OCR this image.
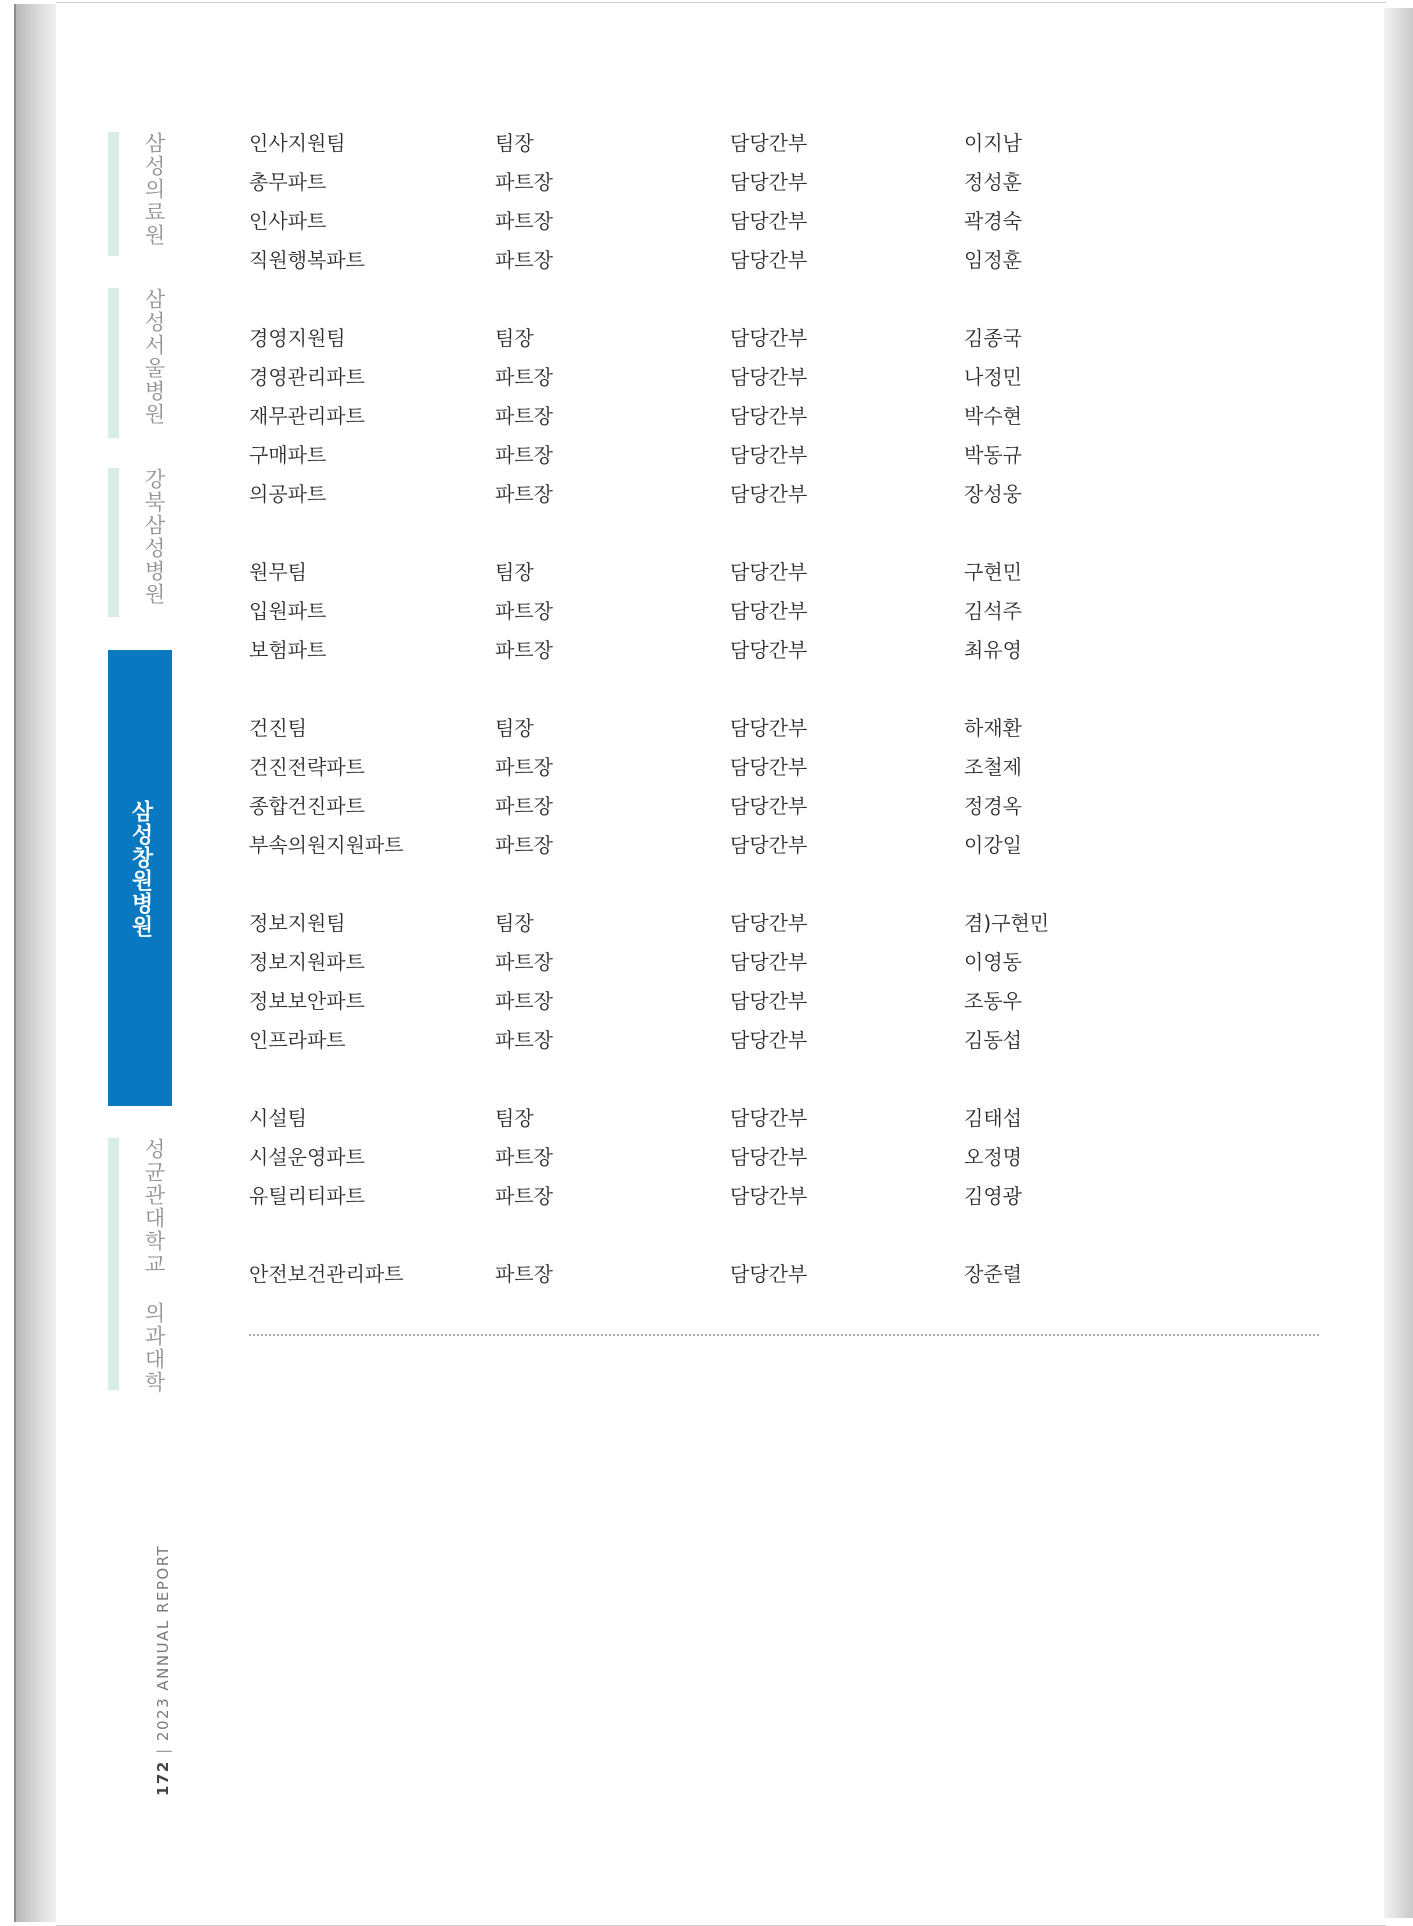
삼성의료원
삼성서울병원
강북삼성병원
삼성창원병원
성균관대학교 의과대학
172 | 2023 ANNUAL REPORT
인사지원팀	팀장	담당간부	이지남
총무파트	파트장	담당간부	정성훈
인사파트	파트장	담당간부	곽경숙
직원행복파트	파트장	담당간부	임정훈
경영지원팀	팀장	담당간부	김종국
경영관리파트	파트장	담당간부	나정민
재무관리파트	파트장	담당간부	박수현
구매파트	파트장	담당간부	박동규
의공파트	파트장	담당간부	장성웅
원무팀	팀장	담당간부	구현민
입원파트	파트장	담당간부	김석주
보험파트	파트장	담당간부	최유영
건진팀	팀장	담당간부	하재환
건진전략파트	파트장	담당간부	조철제
종합건진파트	파트장	담당간부	정경옥
부속의원지원파트	파트장	담당간부	이강일
정보지원팀	팀장	담당간부	겸)구현민
정보지원파트	파트장	담당간부	이영동
정보보안파트	파트장	담당간부	조동우
인프라파트	파트장	담당간부	김동섭
시설팀	팀장	담당간부	김태섭
시설운영파트	파트장	담당간부	오정명
유틸리티파트	파트장	담당간부	김영광
안전보건관리파트	파트장	담당간부	장준렬
